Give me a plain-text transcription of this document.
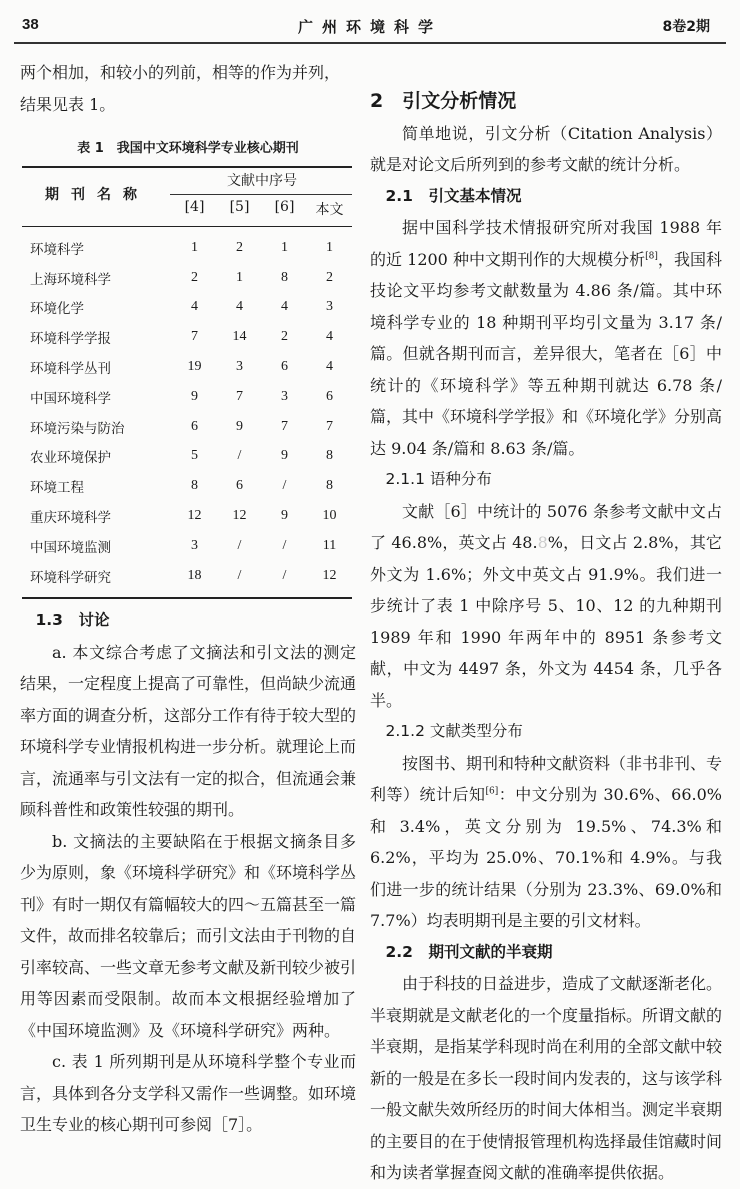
38	广州环境科学	8卷2期

两个相加，和较小的列前，相等的作为并列，

结果见表 1。

表 1　我国中文环境科学专业核心期刊
期刊名称
文献中序号
[4]	[5]	[6]	本文
环境科学	1	2	1	1
上海环境科学	2	1	8	2
环境化学	4	4	4	3
环境科学学报	7	14	2	4
环境科学丛刊	19	3	6	4
中国环境科学	9	7	3	6
环境污染与防治	6	9	7	7
农业环境保护	5	/	9	8
环境工程	8	6	/	8
重庆环境科学	12	12	9	10
中国环境监测	3	/	/	11
环境科学研究	18	/	/	12

1.3　讨论

a. 本文综合考虑了文摘法和引文法的测定结果，一定程度上提高了可靠性，但尚缺少流通率方面的调查分析，这部分工作有待于较大型的环境科学专业情报机构进一步分析。就理论上而言，流通率与引文法有一定的拟合，但流通会兼顾科普性和政策性较强的期刊。

b. 文摘法的主要缺陷在于根据文摘条目多少为原则，象《环境科学研究》和《环境科学丛刊》有时一期仅有篇幅较大的四～五篇甚至一篇文件，故而排名较靠后；而引文法由于刊物的自引率较高、一些文章无参考文献及新刊较少被引用等因素而受限制。故而本文根据经验增加了《中国环境监测》及《环境科学研究》两种。

c. 表 1 所列期刊是从环境科学整个专业而言，具体到各分支学科又需作一些调整。如环境卫生专业的核心期刊可参阅［7］。

2　引文分析情况

简单地说，引文分析（Citation Analysis）就是对论文后所列到的参考文献的统计分析。

2.1　引文基本情况

据中国科学技术情报研究所对我国 1988 年的近 1200 种中文期刊作的大规模分析[8]，我国科技论文平均参考文献数量为 4.86 条/篇。其中环境科学专业的 18 种期刊平均引文量为 3.17 条/篇。但就各期刊而言，差异很大，笔者在［6］中统计的《环境科学》等五种期刊就达 6.78 条/篇，其中《环境科学学报》和《环境化学》分别高达 9.04 条/篇和 8.63 条/篇。

2.1.1 语种分布

文献［6］中统计的 5076 条参考文献中文占了 46.8%，英文占 48.8%，日文占 2.8%，其它外文为 1.6%；外文中英文占 91.9%。我们进一步统计了表 1 中除序号 5、10、12 的九种期刊 1989 年和 1990 年两年中的 8951 条参考文献，中文为 4497 条，外文为 4454 条，几乎各半。

2.1.2 文献类型分布

按图书、期刊和特种文献资料（非书非刊、专利等）统计后知[6]：中文分别为 30.6%、66.0%和 3.4%，英文分别为 19.5%、74.3%和 6.2%，平均为 25.0%、70.1%和 4.9%。与我们进一步的统计结果（分别为 23.3%、69.0%和 7.7%）均表明期刊是主要的引文材料。

2.2　期刊文献的半衰期

由于科技的日益进步，造成了文献逐渐老化。半衰期就是文献老化的一个度量指标。所谓文献的半衰期，是指某学科现时尚在利用的全部文献中较新的一般是在多长一段时间内发表的，这与该学科一般文献失效所经历的时间大体相当。测定半衰期的主要目的在于使情报管理机构选择最佳馆藏时间和为读者掌握查阅文献的准确率提供依据。
